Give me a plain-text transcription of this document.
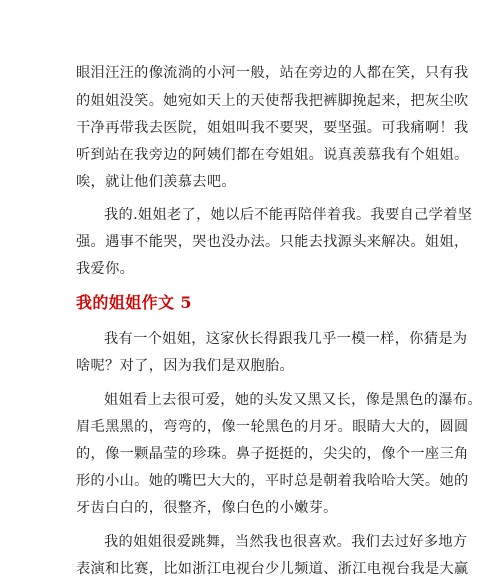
眼泪汪汪的像流淌的小河一般，站在旁边的人都在笑，只有我
的姐姐没笑。她宛如天上的天使帮我把裤脚挽起来，把灰尘吹
干净再带我去医院，姐姐叫我不要哭，要坚强。可我痛啊！我
听到站在我旁边的阿姨们都在夸姐姐。说真羡慕我有个姐姐。
唉，就让他们羡慕去吧。
我的.姐姐老了，她以后不能再陪伴着我。我要自己学着坚
强。遇事不能哭，哭也没办法。只能去找源头来解决。姐姐，
我爱你。
我的姐姐作文 5
我有一个姐姐，这家伙长得跟我几乎一模一样，你猜是为
啥呢？对了，因为我们是双胞胎。
姐姐看上去很可爱，她的头发又黑又长，像是黑色的瀑布。
眉毛黑黑的，弯弯的，像一轮黑色的月牙。眼睛大大的，圆圆
的，像一颗晶莹的珍珠。鼻子挺挺的，尖尖的，像个一座三角
形的小山。她的嘴巴大大的，平时总是朝着我哈哈大笑。她的
牙齿白白的，很整齐，像白色的小嫩芽。
我的姐姐很爱跳舞，当然我也很喜欢。我们去过好多地方
表演和比赛，比如浙江电视台少儿频道、浙江电视台我是大赢
